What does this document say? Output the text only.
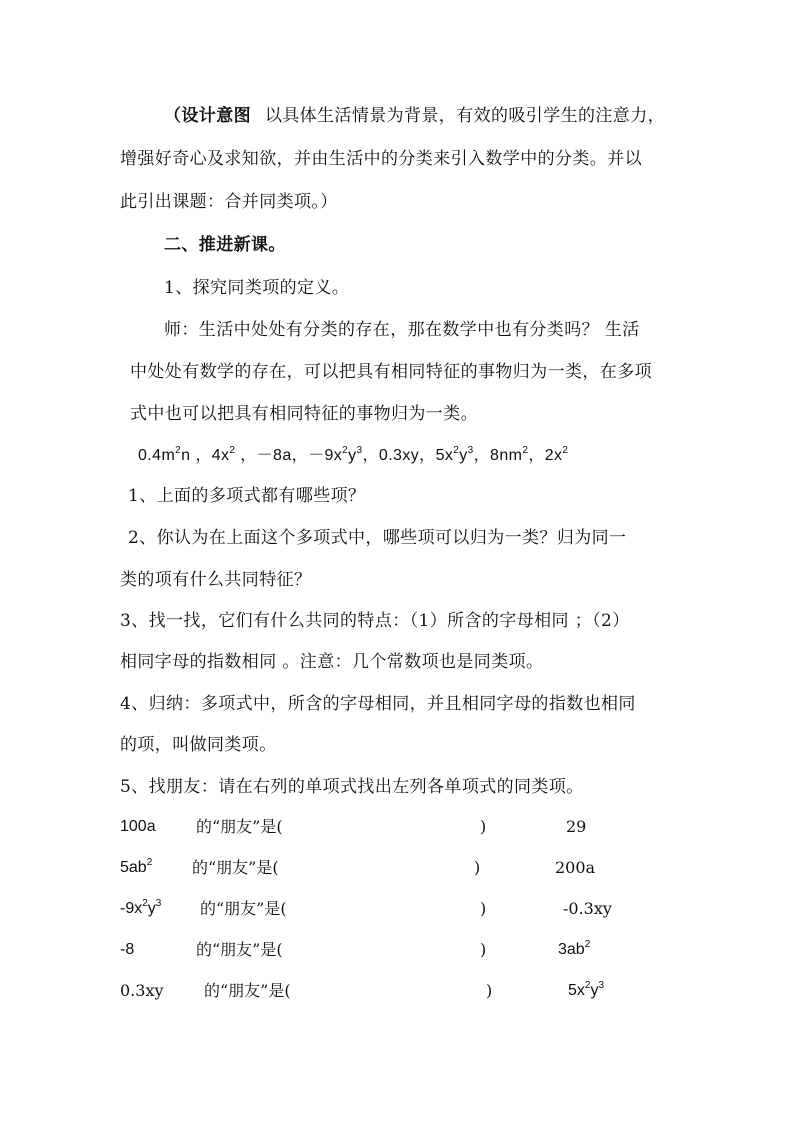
（设计意图 以具体生活情景为背景，有效的吸引学生的注意力，
增强好奇心及求知欲，并由生活中的分类来引入数学中的分类。并以
此引出课题：合并同类项。）
二、推进新课。
1、探究同类项的定义。
师：生活中处处有分类的存在，那在数学中也有分类吗？ 生活
中处处有数学的存在，可以把具有相同特征的事物归为一类，在多项
式中也可以把具有相同特征的事物归为一类。
$0.4m^2n$ ，$4x^2$ ，－8a，$-9x^2y^3$，0.3xy，$5x^2y^3$，$8nm^2$，$2x^2$
1、上面的多项式都有哪些项？
2、你认为在上面这个多项式中，哪些项可以归为一类？归为同一
类的项有什么共同特征？
3、找一找，它们有什么共同的特点：（1）所含的字母相同 ；（2）
相同字母的指数相同 。注意：几个常数项也是同类项。
4、归纳：多项式中，所含的字母相同，并且相同字母的指数也相同
的项，叫做同类项。
5、找朋友：请在右列的单项式找出左列各单项式的同类项。
100a	的“朋友”是(	)	29
$5ab^2$ 的“朋友”是(	)	200a
$-9x^2y^3$ 的“朋友”是(	)	-0.3xy
-8	的“朋友”是(	)	$3ab^2$
0.3xy	的“朋友”是(	)	$5x^2y^3$
